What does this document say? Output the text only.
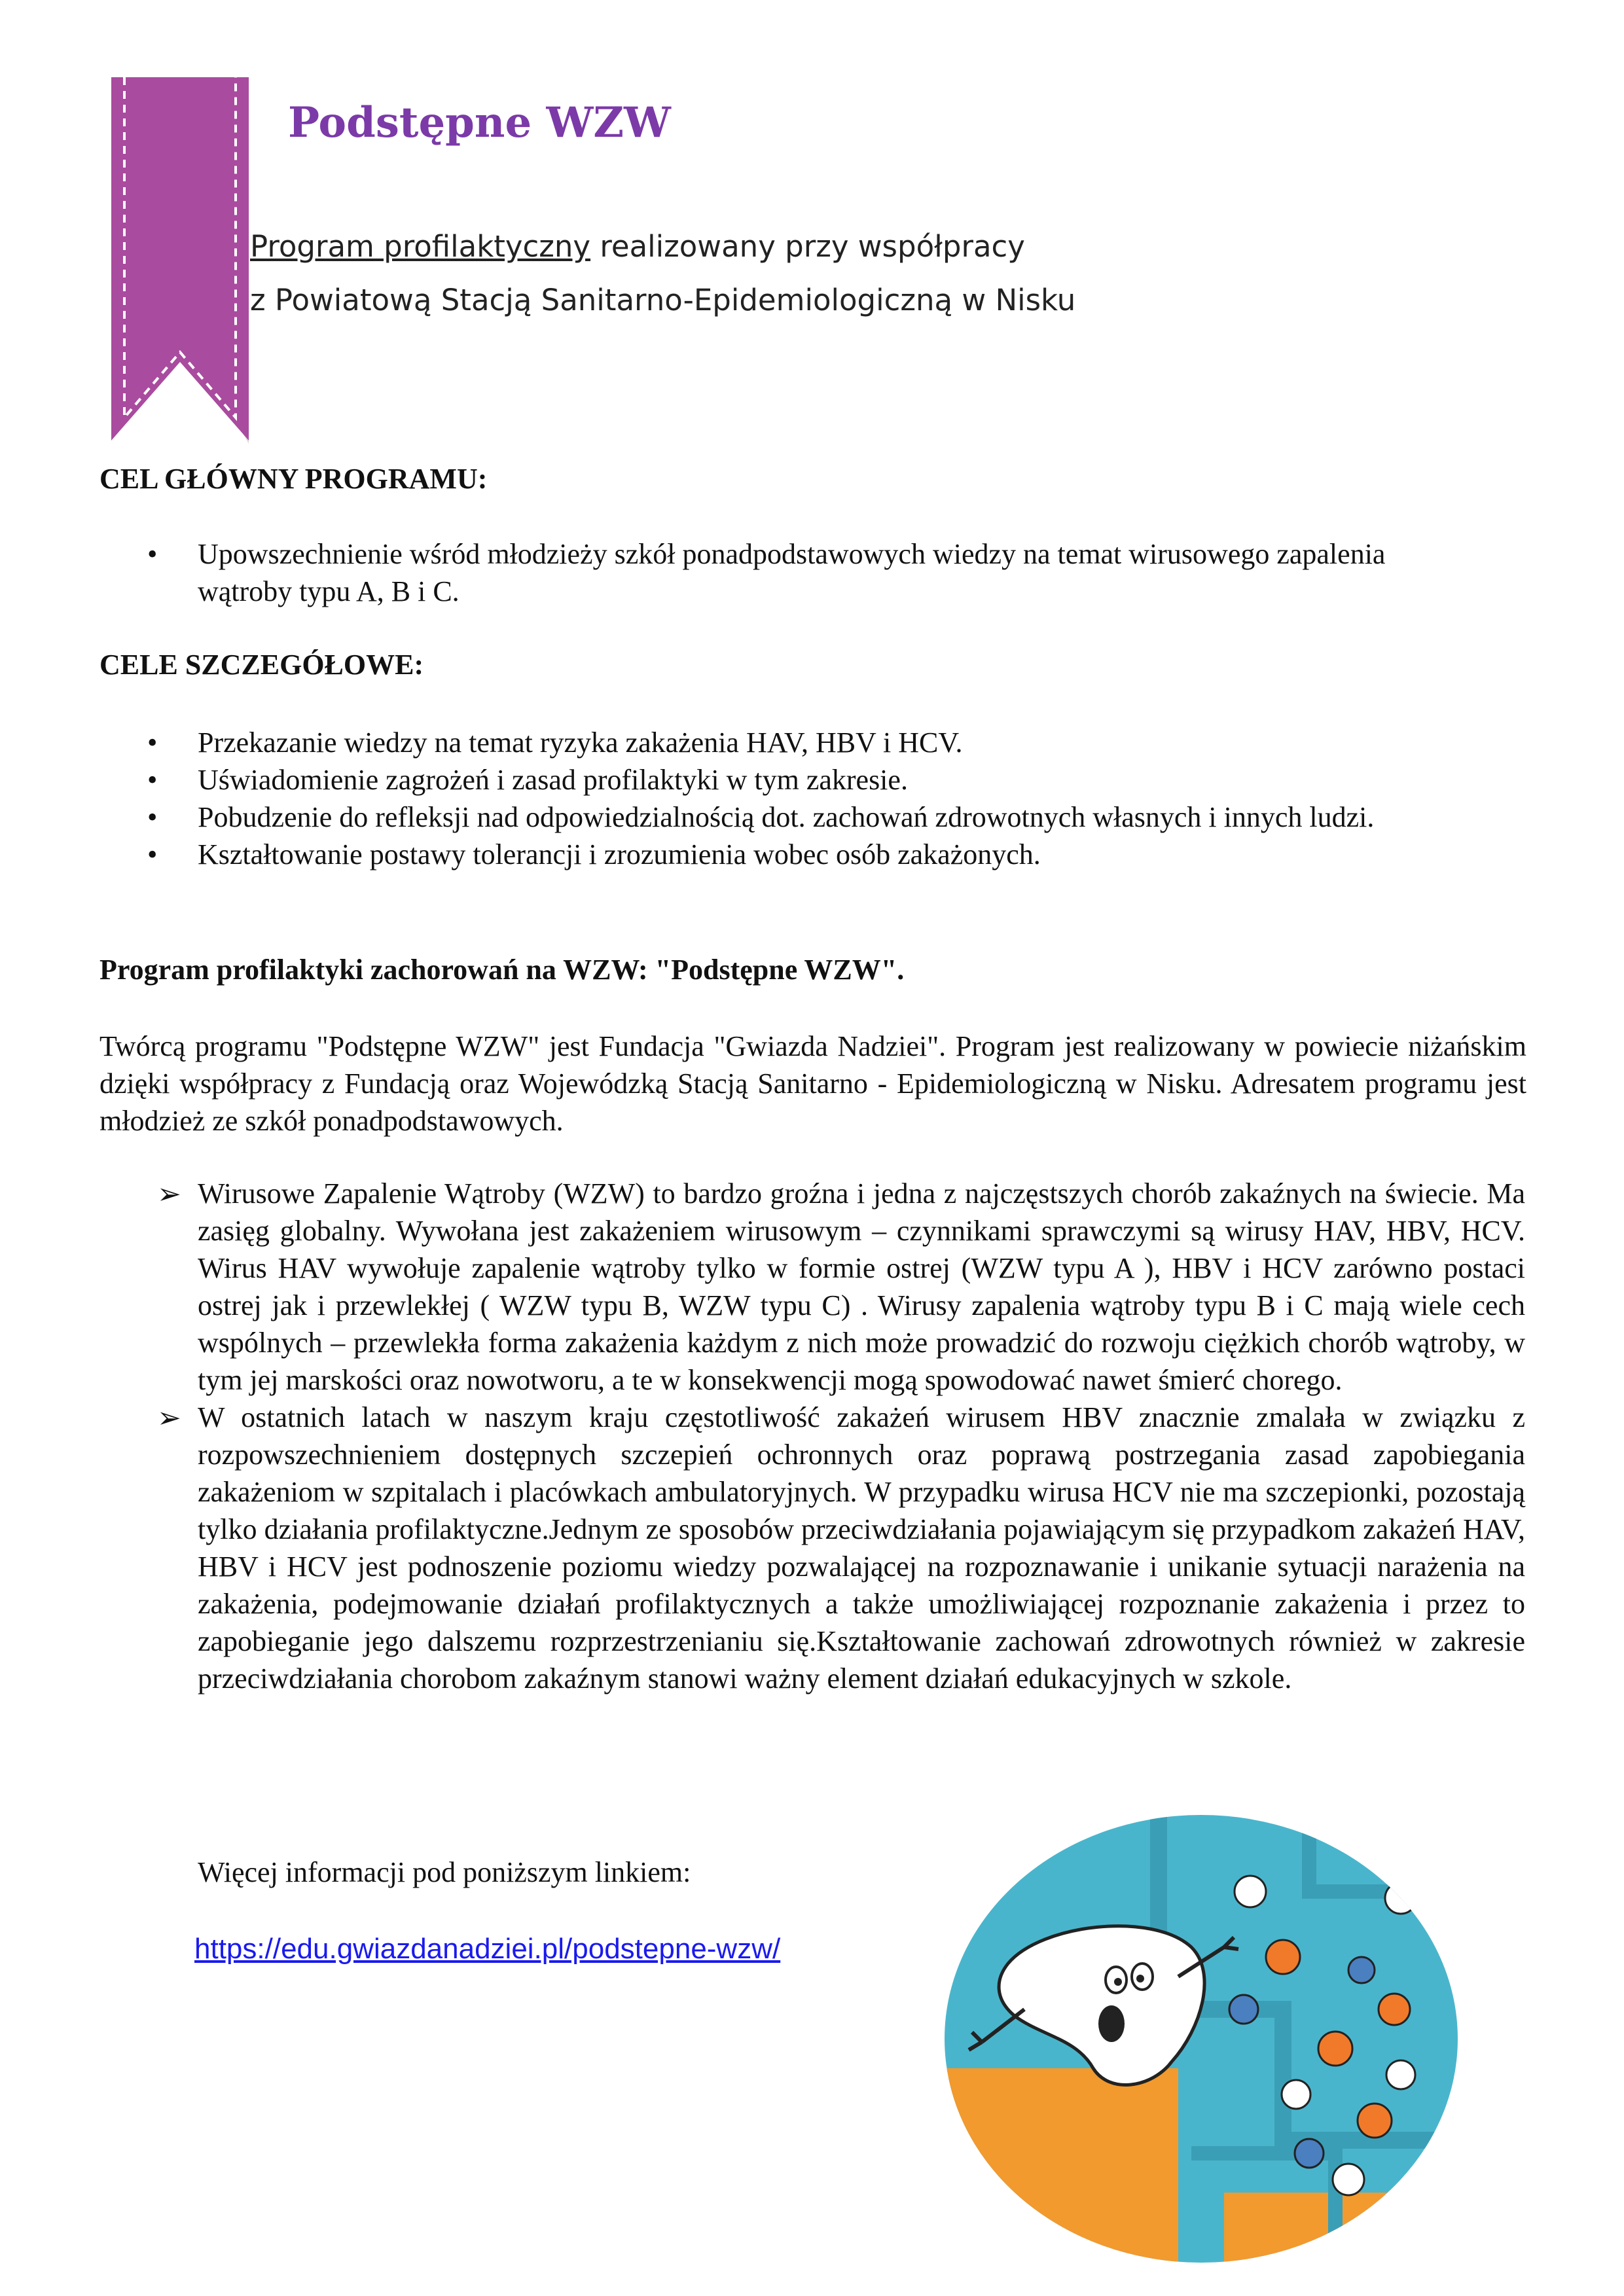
Podstępne WZW
Program profilaktyczny realizowany przy współpracy
z Powiatową Stacją Sanitarno-Epidemiologiczną w Nisku
CEL GŁÓWNY PROGRAMU:
• Upowszechnienie wśród młodzieży szkół ponadpodstawowych wiedzy na temat wirusowego zapalenia wątroby typu A, B i C.
CELE SZCZEGÓŁOWE:
• Przekazanie wiedzy na temat ryzyka zakażenia HAV, HBV i HCV.
• Uświadomienie zagrożeń i zasad profilaktyki w tym zakresie.
• Pobudzenie do refleksji nad odpowiedzialnością dot. zachowań zdrowotnych własnych i innych ludzi.
• Kształtowanie postawy tolerancji i zrozumienia wobec osób zakażonych.
Program profilaktyki zachorowań na WZW: "Podstępne WZW".

Twórcą programu "Podstępne WZW" jest Fundacja "Gwiazda Nadziei". Program jest realizowany w powiecie niżańskim dzięki współpracy z Fundacją oraz Wojewódzką Stacją Sanitarno - Epidemiologiczną w Nisku. Adresatem programu jest młodzież ze szkół ponadpodstawowych.

➢ Wirusowe Zapalenie Wątroby (WZW) to bardzo groźna i jedna z najczęstszych chorób zakaźnych na świecie. Ma zasięg globalny. Wywołana jest zakażeniem wirusowym – czynnikami sprawczymi są wirusy HAV, HBV, HCV. Wirus HAV wywołuje zapalenie wątroby tylko w formie ostrej (WZW typu A ), HBV i HCV zarówno postaci ostrej jak i przewlekłej ( WZW typu B, WZW typu C) . Wirusy zapalenia wątroby typu B i C mają wiele cech wspólnych – przewlekła forma zakażenia każdym z nich może prowadzić do rozwoju ciężkich chorób wątroby, w tym jej marskości oraz nowotworu, a te w konsekwencji mogą spowodować nawet śmierć chorego.
➢ W ostatnich latach w naszym kraju częstotliwość zakażeń wirusem HBV znacznie zmalała w związku z rozpowszechnieniem dostępnych szczepień ochronnych oraz poprawą postrzegania zasad zapobiegania zakażeniom w szpitalach i placówkach ambulatoryjnych. W przypadku wirusa HCV nie ma szczepionki, pozostają tylko działania profilaktyczne.Jednym ze sposobów przeciwdziałania pojawiającym się przypadkom zakażeń HAV, HBV i HCV jest podnoszenie poziomu wiedzy pozwalającej na rozpoznawanie i unikanie sytuacji narażenia na zakażenia, podejmowanie działań profilaktycznych a także umożliwiającej rozpoznanie zakażenia i przez to zapobieganie jego dalszemu rozprzestrzenianiu się.Kształtowanie zachowań zdrowotnych również w zakresie przeciwdziałania chorobom zakaźnym stanowi ważny element działań edukacyjnych w szkole.
Więcej informacji pod poniższym linkiem:
https://edu.gwiazdanadziei.pl/podstepne-wzw/
